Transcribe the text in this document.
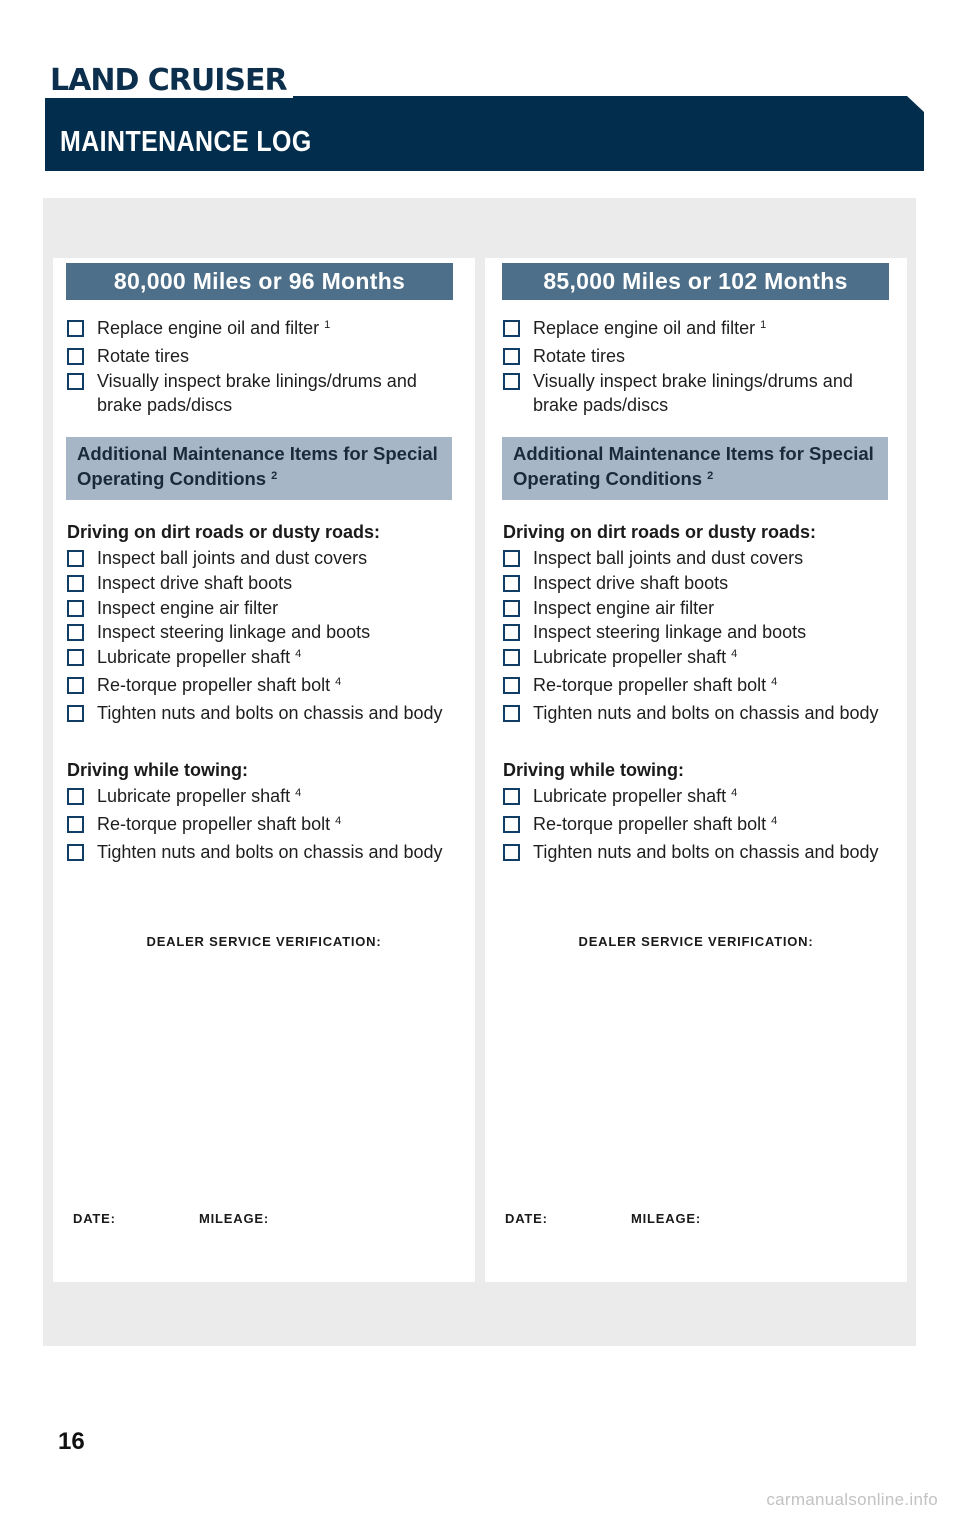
LAND CRUISER
MAINTENANCE LOG
80,000 Miles or 96 Months
Replace engine oil and filter $^1$
Rotate tires
Visually inspect brake linings/drums and brake pads/discs
Additional Maintenance Items for Special Operating Conditions $^2$
Driving on dirt roads or dusty roads:
Inspect ball joints and dust covers
Inspect drive shaft boots
Inspect engine air filter
Inspect steering linkage and boots
Lubricate propeller shaft $^4$
Re-torque propeller shaft bolt $^4$
Tighten nuts and bolts on chassis and body
Driving while towing:
Lubricate propeller shaft $^4$
Re-torque propeller shaft bolt $^4$
Tighten nuts and bolts on chassis and body
DEALER SERVICE VERIFICATION:
DATE:	MILEAGE:
85,000 Miles or 102 Months
Replace engine oil and filter $^1$
Rotate tires
Visually inspect brake linings/drums and brake pads/discs
Additional Maintenance Items for Special Operating Conditions $^2$
Driving on dirt roads or dusty roads:
Inspect ball joints and dust covers
Inspect drive shaft boots
Inspect engine air filter
Inspect steering linkage and boots
Lubricate propeller shaft $^4$
Re-torque propeller shaft bolt $^4$
Tighten nuts and bolts on chassis and body
Driving while towing:
Lubricate propeller shaft $^4$
Re-torque propeller shaft bolt $^4$
Tighten nuts and bolts on chassis and body
DEALER SERVICE VERIFICATION:
DATE:	MILEAGE:
16
carmanualsonline.info
